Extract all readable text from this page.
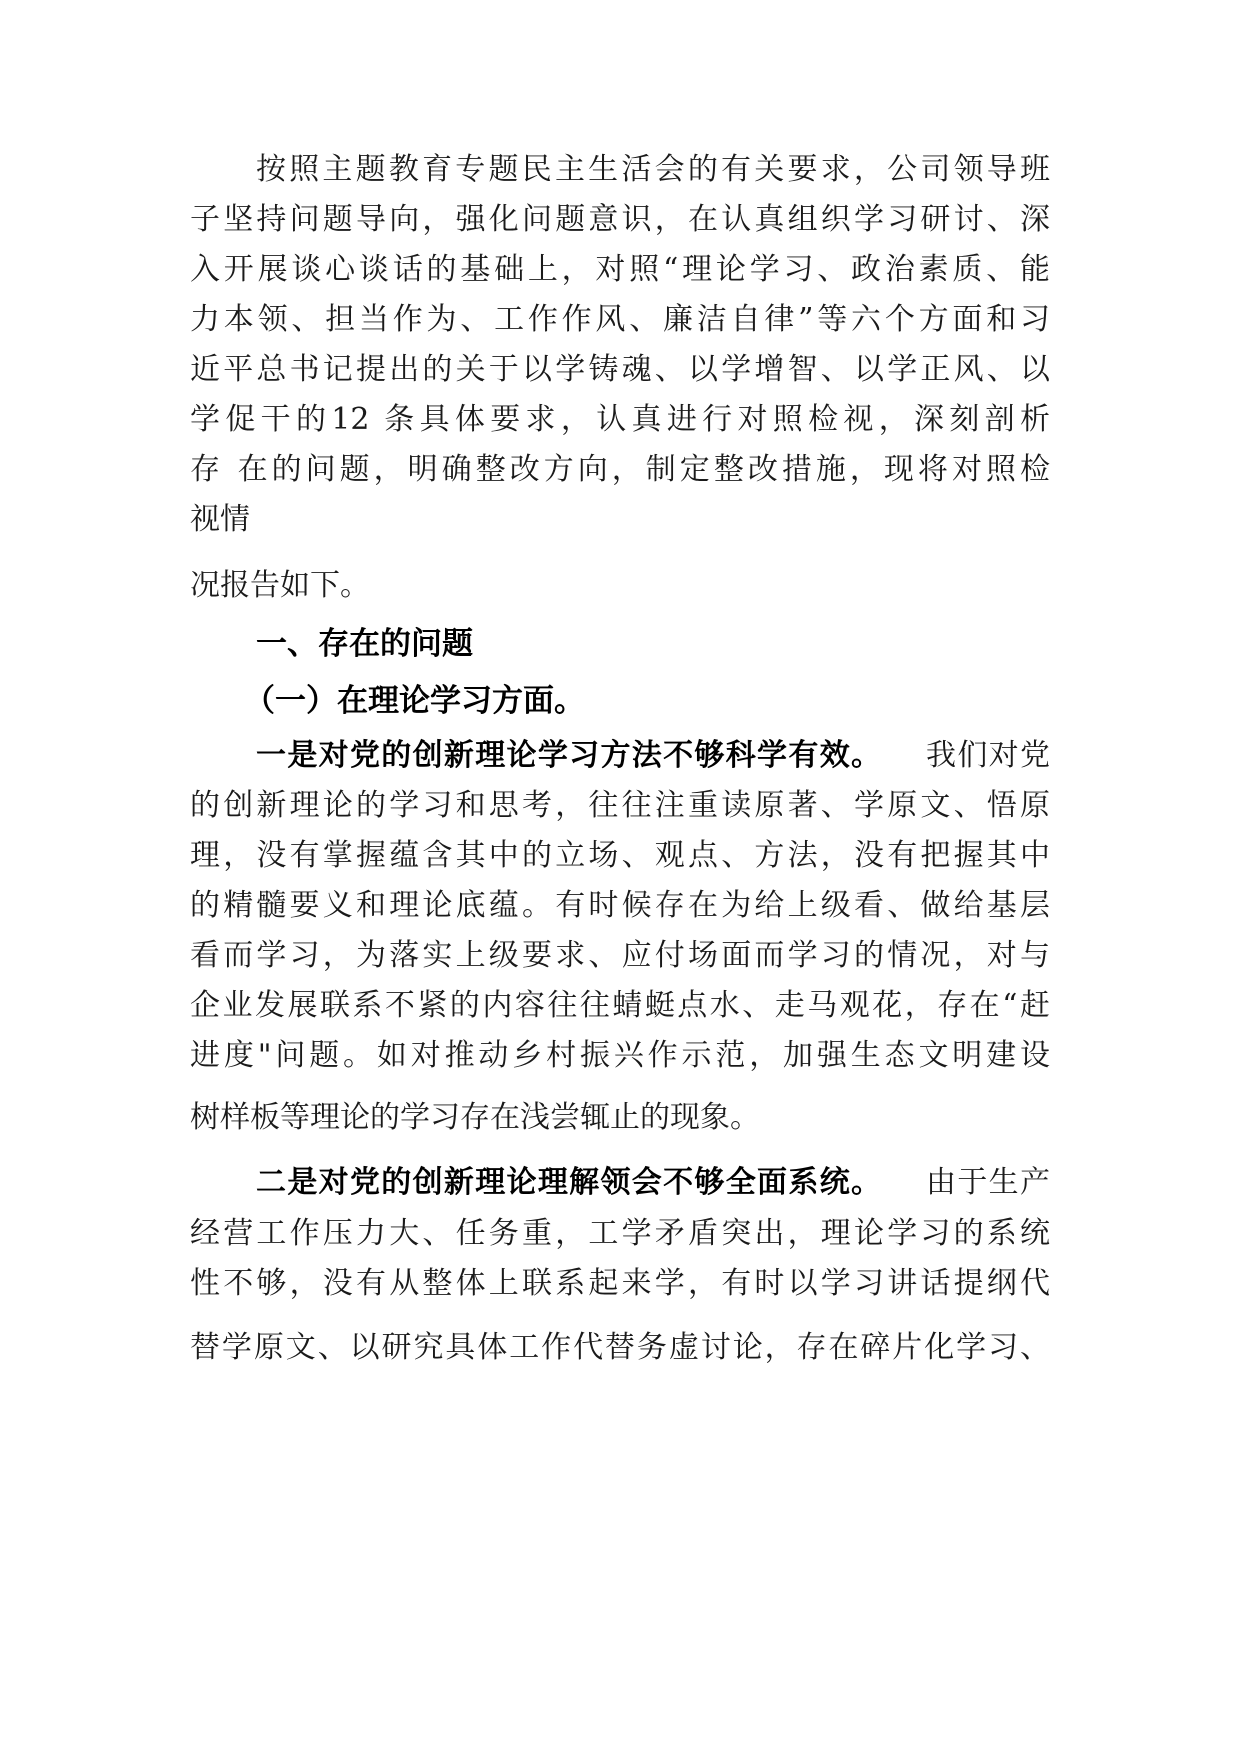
按照主题教育专题民主生活会的有关要求，公司领导班
子坚持问题导向，强化问题意识，在认真组织学习研讨、深
入开展谈心谈话的基础上，对照“理论学习、政治素质、能
力本领、担当作为、工作作风、廉洁自律”等六个方面和习
近平总书记提出的关于以学铸魂、以学增智、以学正风、以
学促干的12 条具体要求，认真进行对照检视，深刻剖析
存 在的问题，明确整改方向，制定整改措施，现将对照检
视情
况报告如下。
一、存在的问题
（一）在理论学习方面。
一是对党的创新理论学习方法不够科学有效。 我们对党
的创新理论的学习和思考，往往注重读原著、学原文、悟原
理，没有掌握蕴含其中的立场、观点、方法，没有把握其中
的精髓要义和理论底蕴。有时候存在为给上级看、做给基层
看而学习，为落实上级要求、应付场面而学习的情况，对与
企业发展联系不紧的内容往往蜻蜓点水、走马观花，存在“赶
进度"问题。如对推动乡村振兴作示范，加强生态文明建设
树样板等理论的学习存在浅尝辄止的现象。
二是对党的创新理论理解领会不够全面系统。 由于生产
经营工作压力大、任务重，工学矛盾突出，理论学习的系统
性不够，没有从整体上联系起来学，有时以学习讲话提纲代
替学原文、以研究具体工作代替务虚讨论，存在碎片化学习、
